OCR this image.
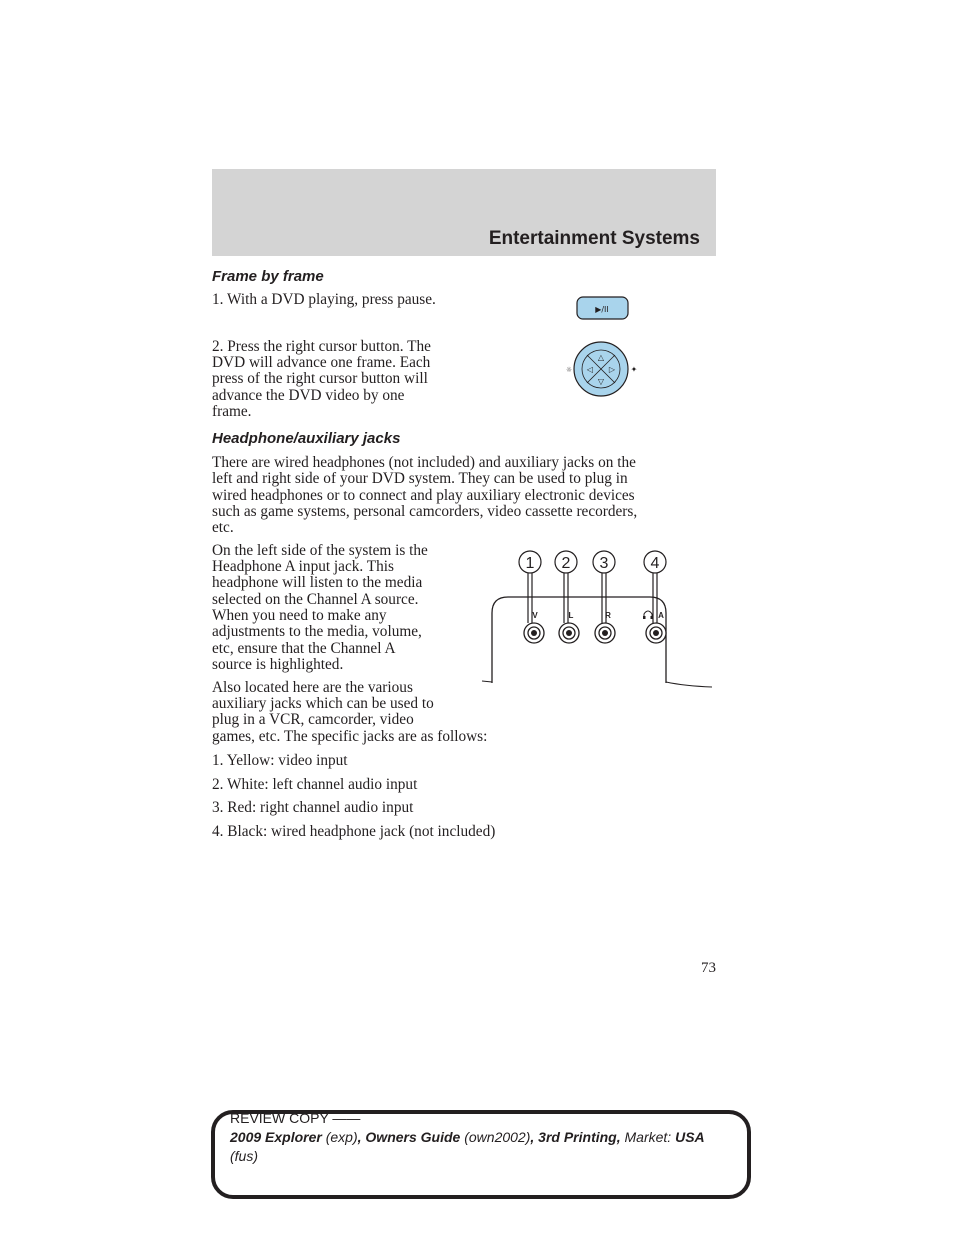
Entertainment Systems
Frame by frame
1. With a DVD playing, press pause.
▶/II
2. Press the right cursor button. The
DVD will advance one frame. Each
press of the right cursor button will
advance the DVD video by one
frame.
△
▽
◁ ▷
☼	✦
Headphone/auxiliary jacks
There are wired headphones (not included) and auxiliary jacks on the
left and right side of your DVD system. They can be used to plug in
wired headphones or to connect and play auxiliary electronic devices
such as game systems, personal camcorders, video cassette recorders,
etc.
On the left side of the system is the
Headphone A input jack. This
headphone will listen to the media
selected on the Channel A source.
When you need to make any
adjustments to the media, volume,
etc, ensure that the Channel A
source is highlighted.
Also located here are the various
auxiliary jacks which can be used to
plug in a VCR, camcorder, video
games, etc. The specific jacks are as follows:
1. Yellow: video input
2. White: left channel audio input
3. Red: right channel audio input
4. Black: wired headphone jack (not included)
1 2 3	4
V	L	R	A
73
REVIEW COPY ——
2009 Explorer (exp), Owners Guide (own2002), 3rd Printing, Market: USA
(fus)
